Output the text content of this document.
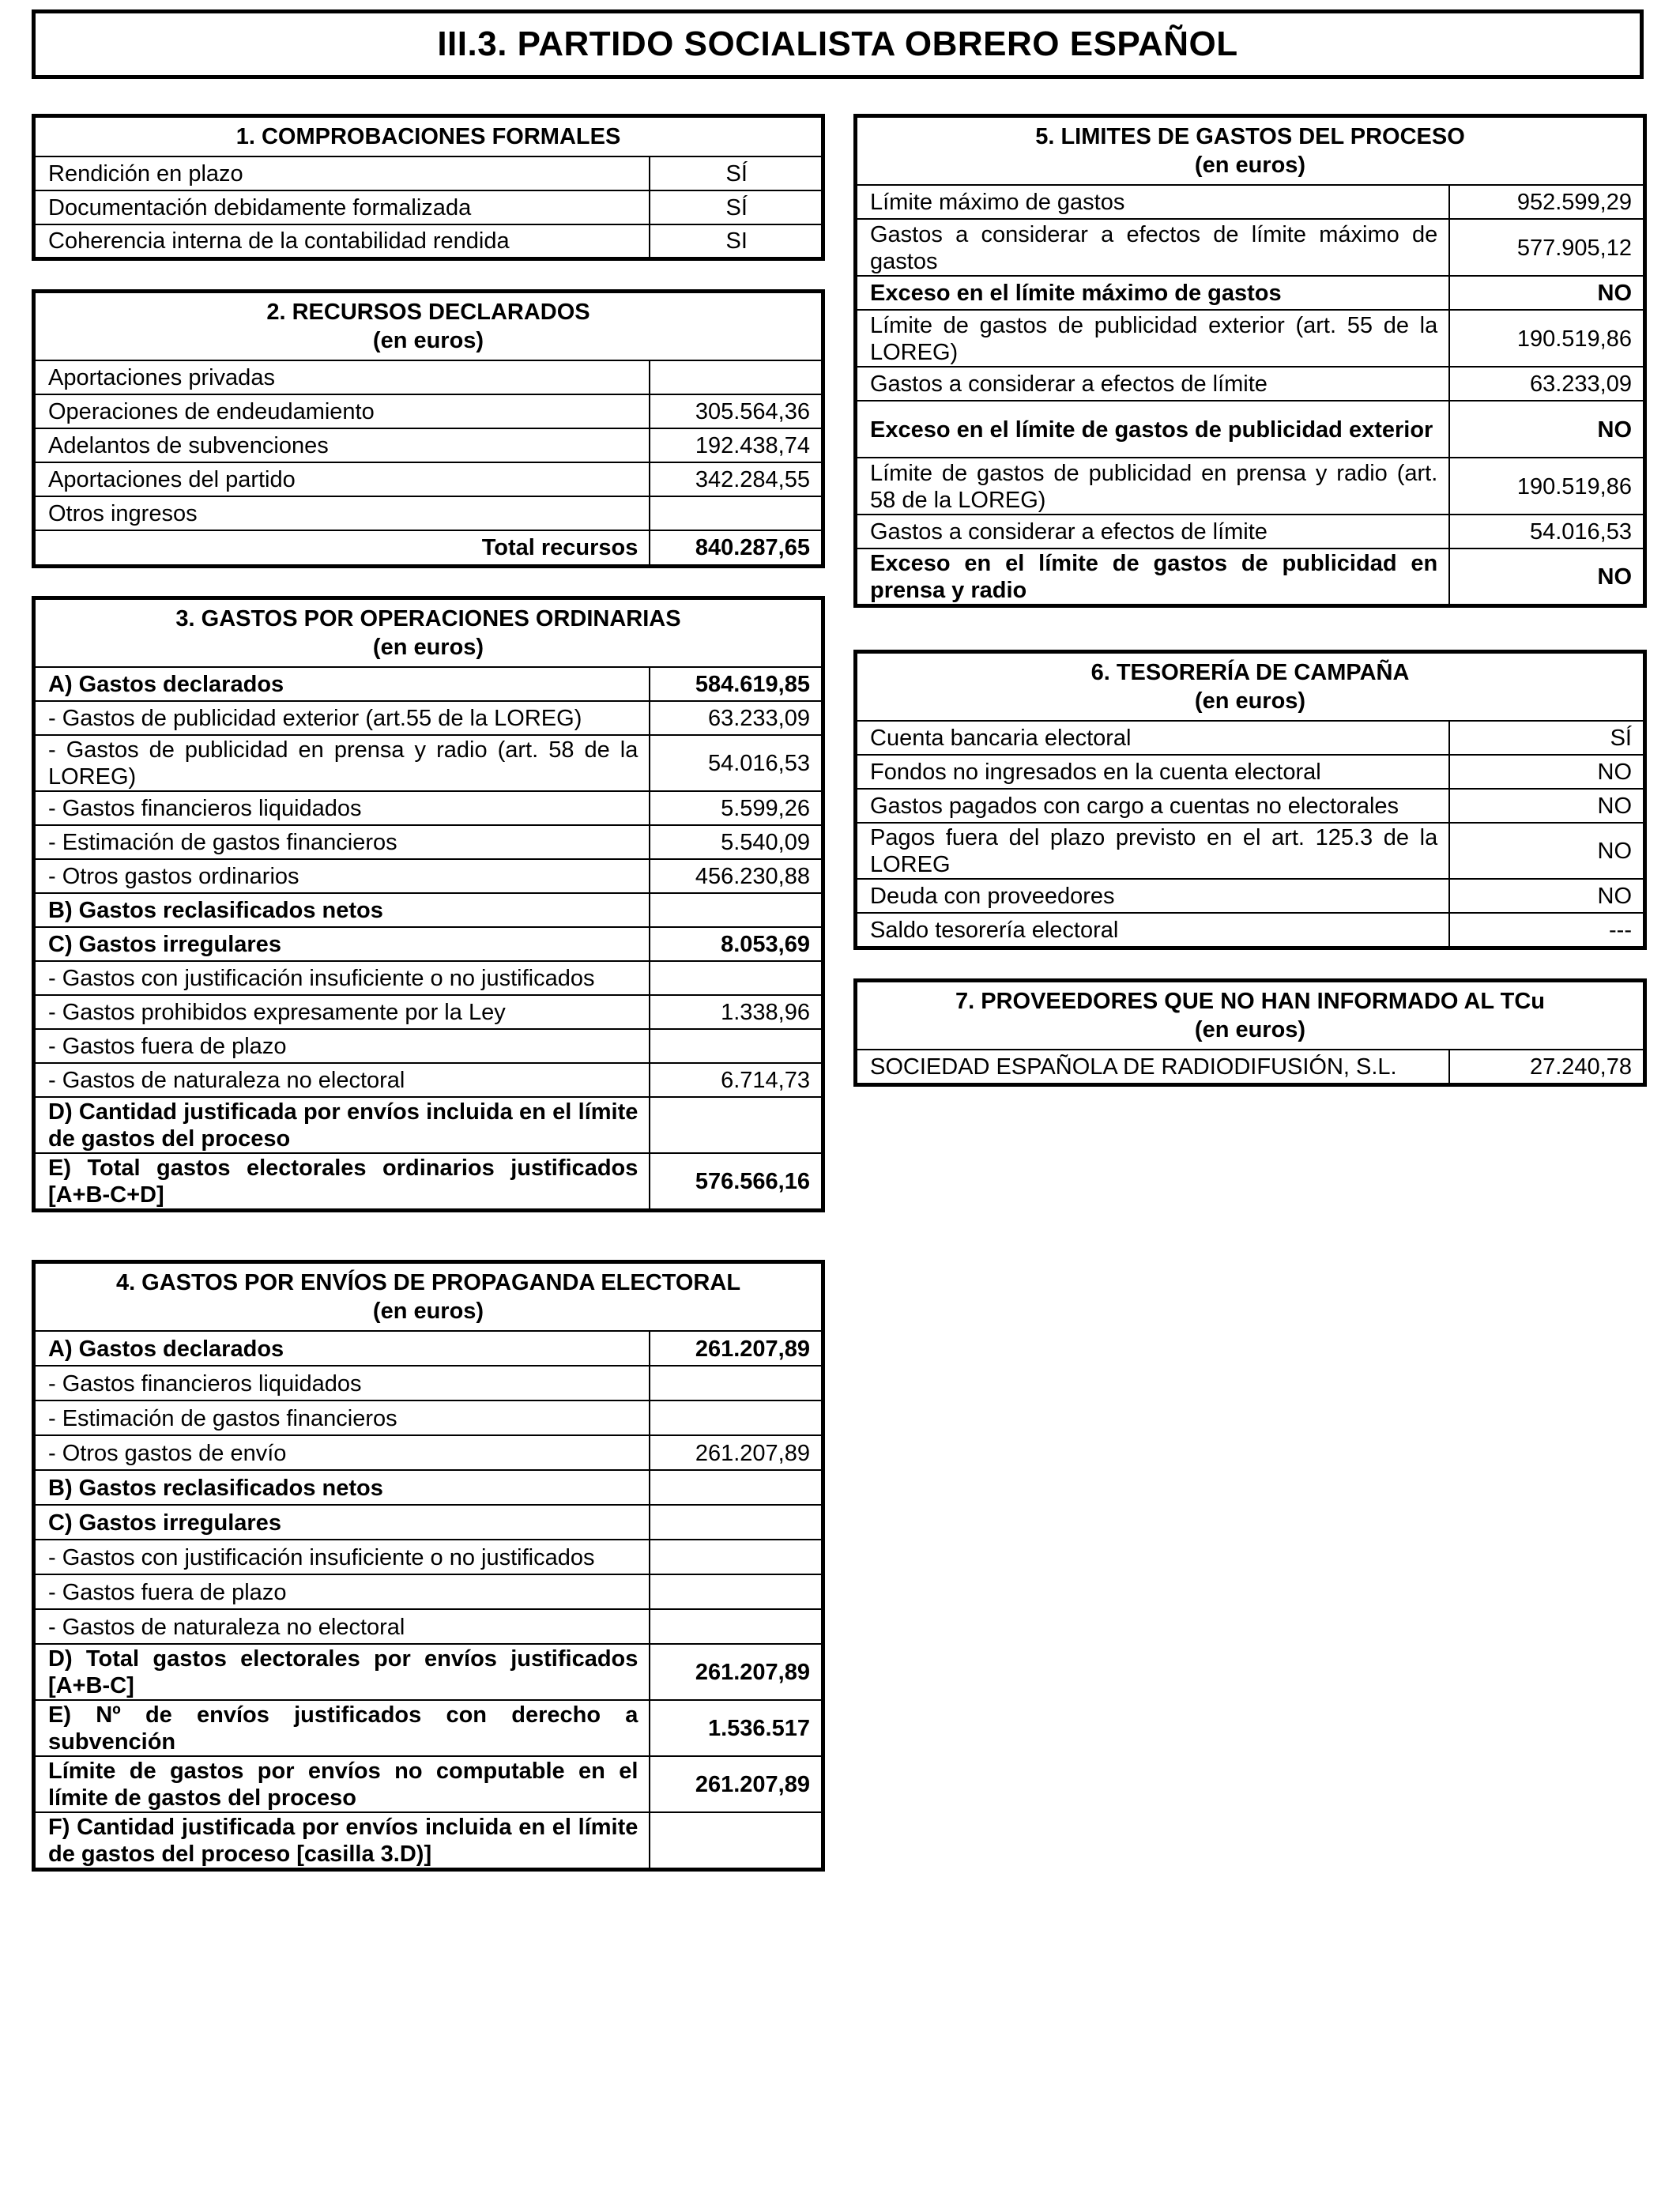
III.3. PARTIDO SOCIALISTA OBRERO ESPAÑOL
1. COMPROBACIONES FORMALES	
Rendición en plazo	SÍ
Documentación debidamente formalizada	SÍ
Coherencia interna de la contabilidad rendida	SI
2. RECURSOS DECLARADOS
(en euros)	

Aportaciones privadas	
Operaciones de endeudamiento	305.564,36
Adelantos de subvenciones	192.438,74
Aportaciones del partido	342.284,55
Otros ingresos	
Total recursos	840.287,65
3. GASTOS POR OPERACIONES ORDINARIAS
(en euros)	

A) Gastos declarados	584.619,85
- Gastos de publicidad exterior (art.55 de la LOREG)	63.233,09
- Gastos de publicidad en prensa y radio (art. 58 de la LOREG)	54.016,53
- Gastos financieros liquidados	5.599,26
- Estimación de gastos financieros	5.540,09
- Otros gastos ordinarios	456.230,88
B) Gastos reclasificados netos	
C) Gastos irregulares	8.053,69
- Gastos con justificación insuficiente o no justificados	
- Gastos prohibidos expresamente por la Ley	1.338,96
- Gastos fuera de plazo	
- Gastos de naturaleza no electoral	6.714,73
D) Cantidad justificada por envíos incluida en el límite de gastos del proceso	
E) Total gastos electorales ordinarios justificados [A+B-C+D]	576.566,16
4. GASTOS POR ENVÍOS DE PROPAGANDA ELECTORAL
(en euros)	

A) Gastos declarados	261.207,89
- Gastos financieros liquidados	
- Estimación de gastos financieros	
- Otros gastos de envío	261.207,89
B) Gastos reclasificados netos	
C) Gastos irregulares	
- Gastos con justificación insuficiente o no justificados	
- Gastos fuera de plazo	
- Gastos de naturaleza no electoral	
D) Total gastos electorales por envíos justificados [A+B-C]	261.207,89
E) Nº de envíos justificados con derecho a subvención	1.536.517
Límite de gastos por envíos no computable en el límite de gastos del proceso	261.207,89
F) Cantidad justificada por envíos incluida en el límite de gastos del proceso [casilla 3.D)]	
5. LIMITES DE GASTOS DEL PROCESO
(en euros)	

Límite máximo de gastos	952.599,29
Gastos a considerar a efectos de límite máximo de gastos	577.905,12
Exceso en el límite máximo de gastos	NO
Límite de gastos de publicidad exterior (art. 55 de la LOREG)	190.519,86
Gastos a considerar a efectos de límite	63.233,09
Exceso en el límite de gastos de publicidad exterior	NO
Límite de gastos de publicidad en prensa y radio (art. 58 de la LOREG)	190.519,86
Gastos a considerar a efectos de límite	54.016,53
Exceso en el límite de gastos de publicidad en prensa y radio	NO
6. TESORERÍA DE CAMPAÑA
(en euros)	

Cuenta bancaria electoral	SÍ
Fondos no ingresados en la cuenta electoral	NO
Gastos pagados con cargo a cuentas no electorales	NO
Pagos fuera del plazo previsto en el art. 125.3 de la LOREG	NO
Deuda con proveedores	NO
Saldo tesorería electoral	---
7. PROVEEDORES QUE NO HAN INFORMADO AL TCu
(en euros)

SOCIEDAD ESPAÑOLA DE RADIODIFUSIÓN, S.L.	27.240,78
